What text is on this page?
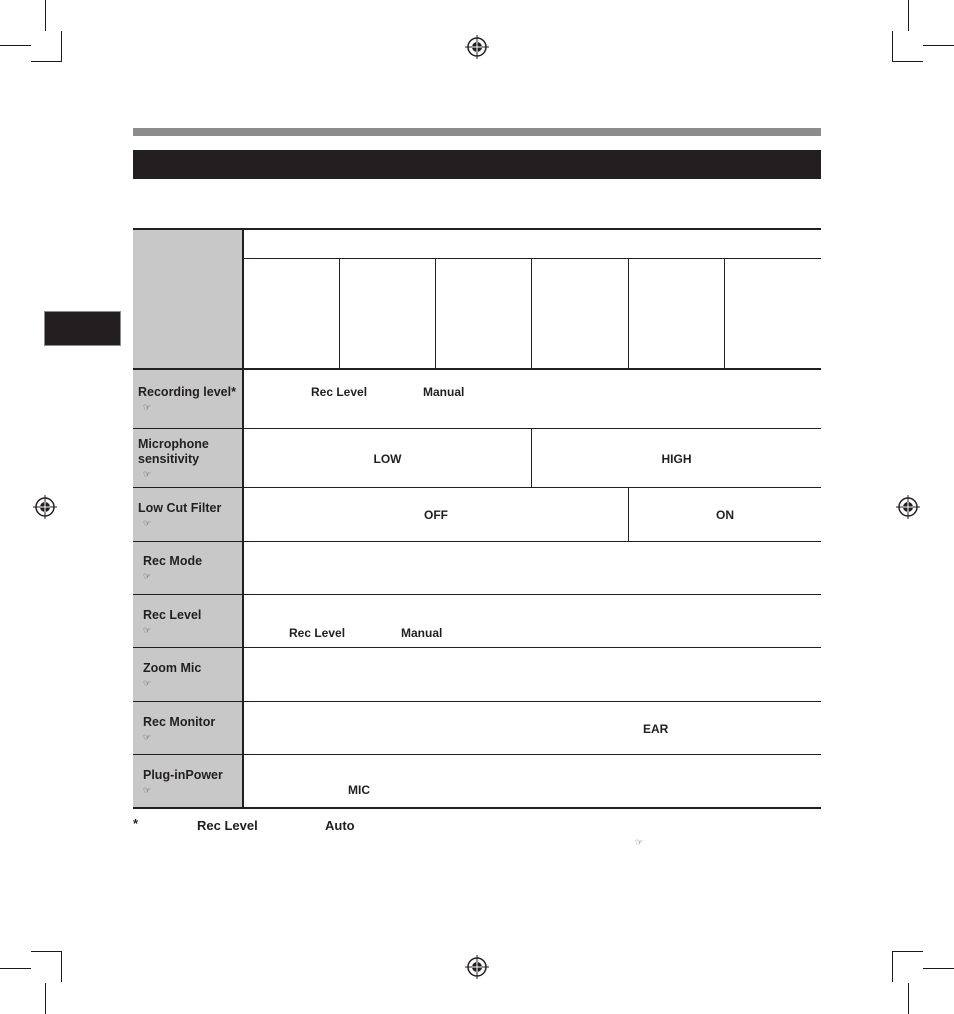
Recording level*
☞
Rec Level	Manual
Microphone
sensitivity
☞
LOW	HIGH
Low Cut Filter
☞
OFF	ON
Rec Mode
☞
Rec Level
☞	Rec Level	Manual
Zoom Mic
☞
Rec Monitor
☞
EAR
Plug-inPower
☞	MIC
*	Rec Level	Auto
☞
